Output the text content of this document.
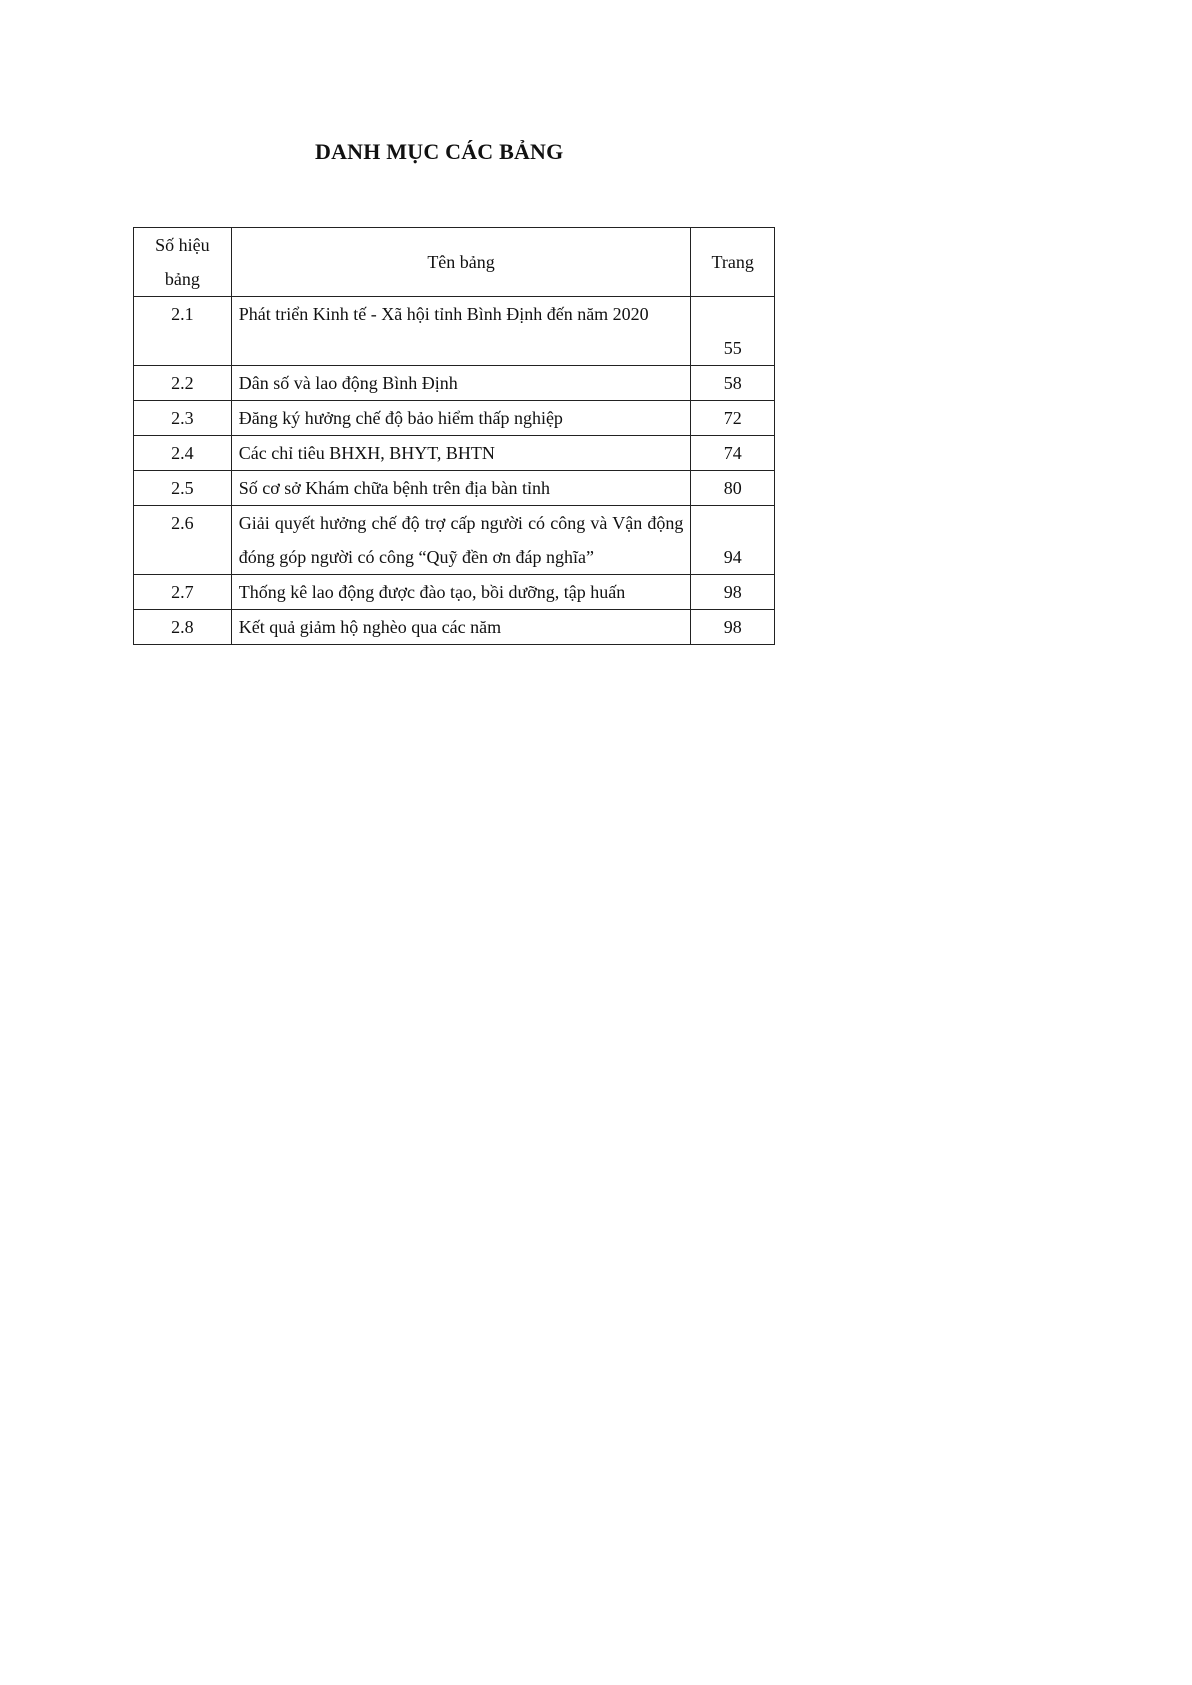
DANH MỤC CÁC BẢNG
Số hiệu bảng	Tên bảng	Trang

2.1	Phát triển Kinh tế - Xã hội tỉnh Bình Định đến năm 2020	55

2.2	Dân số và lao động Bình Định	58

2.3	Đăng ký hưởng chế độ bảo hiểm thấp nghiệp	72

2.4	Các chỉ tiêu BHXH, BHYT, BHTN	74

2.5	Số cơ sở Khám chữa bệnh trên địa bàn tỉnh	80

2.6	Giải quyết hưởng chế độ trợ cấp người có công và Vận động đóng góp người có công “Quỹ đền ơn đáp nghĩa”	94

2.7	Thống kê lao động được đào tạo, bồi dưỡng, tập huấn	98

2.8	Kết quả giảm hộ nghèo qua các năm	98
